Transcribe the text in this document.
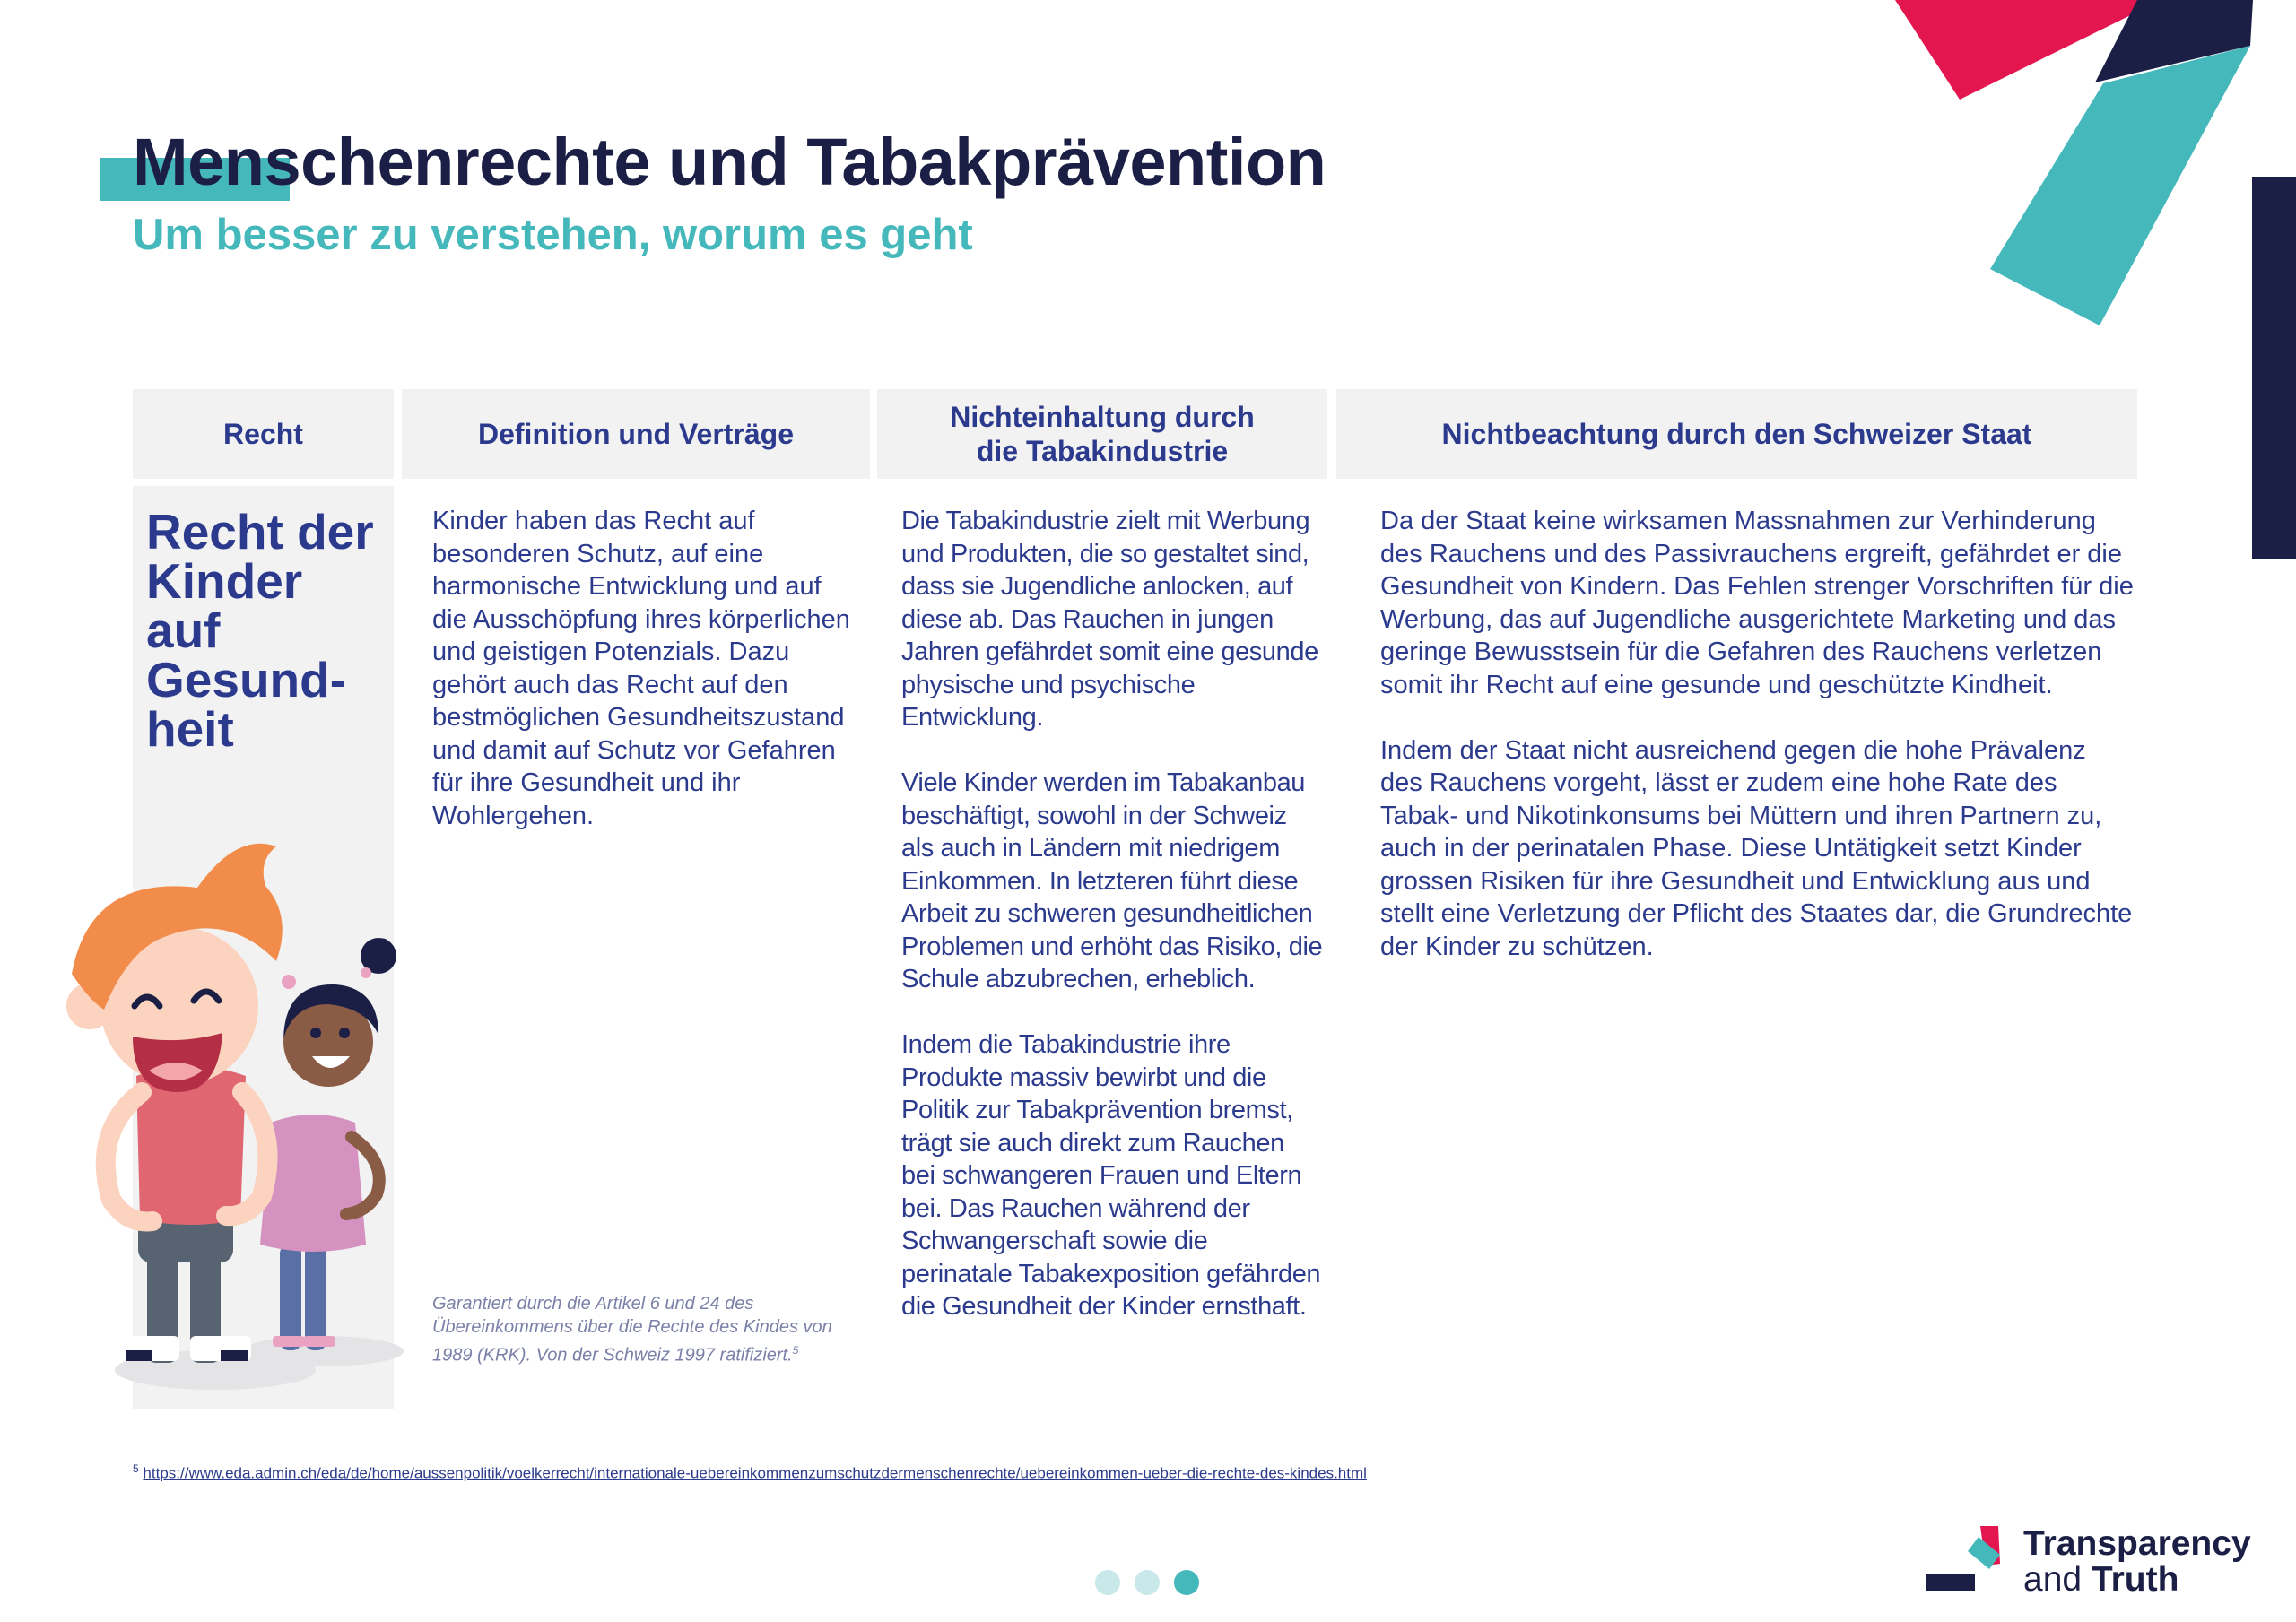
Menschenrechte und Tabakprävention
Um besser zu verstehen, worum es geht
Recht	Definition und Verträge
Nichteinhaltung durch
die Tabakindustrie
Nichtbeachtung durch den Schweizer Staat
Recht der
Kinder
auf
Gesund-
heit

Kinder haben das Recht auf besonderen Schutz, auf eine harmonische Entwicklung und auf die Ausschöpfung ihres körperlichen und geistigen Potenzials. Dazu gehört auch das Recht auf den bestmöglichen Gesundheitszustand und damit auf Schutz vor Gefahren für ihre Gesundheit und ihr Wohlergehen.

Garantiert durch die Artikel 6 und 24 des Übereinkommens über die Rechte des Kindes von 1989 (KRK). Von der Schweiz 1997 ratifiziert.$^5$

Die Tabakindustrie zielt mit Werbung und Produkten, die so gestaltet sind, dass sie Jugendliche anlocken, auf diese ab. Das Rauchen in jungen Jahren gefährdet somit eine gesunde physische und psychische Entwicklung.

Viele Kinder werden im Tabakanbau beschäftigt, sowohl in der Schweiz als auch in Ländern mit niedrigem Einkommen. In letzteren führt diese Arbeit zu schweren gesundheitlichen Problemen und erhöht das Risiko, die Schule abzubrechen, erheblich.

Indem die Tabakindustrie ihre Produkte massiv bewirbt und die Politik zur Tabakprävention bremst, trägt sie auch direkt zum Rauchen bei schwangeren Frauen und Eltern bei. Das Rauchen während der Schwangerschaft sowie die perinatale Tabakexposition gefährden die Gesundheit der Kinder ernsthaft.

Da der Staat keine wirksamen Massnahmen zur Verhinderung des Rauchens und des Passivrauchens ergreift, gefährdet er die Gesundheit von Kindern. Das Fehlen strenger Vorschriften für die Werbung, das auf Jugendliche ausgerichtete Marketing und das geringe Bewusstsein für die Gefahren des Rauchens verletzen somit ihr Recht auf eine gesunde und geschützte Kindheit.

Indem der Staat nicht ausreichend gegen die hohe Prävalenz des Rauchens vorgeht, lässt er zudem eine hohe Rate des Tabak- und Nikotinkonsums bei Müttern und ihren Partnern zu, auch in der perinatalen Phase. Diese Untätigkeit setzt Kinder grossen Risiken für ihre Gesundheit und Entwicklung aus und stellt eine Verletzung der Pflicht des Staates dar, die Grundrechte der Kinder zu schützen.

$^5$ https://www.eda.admin.ch/eda/de/home/aussenpolitik/voelkerrecht/internationale-uebereinkommenzumschutzdermenschenrechte/uebereinkommen-ueber-die-rechte-des-kindes.html
Transparency
and Truth
